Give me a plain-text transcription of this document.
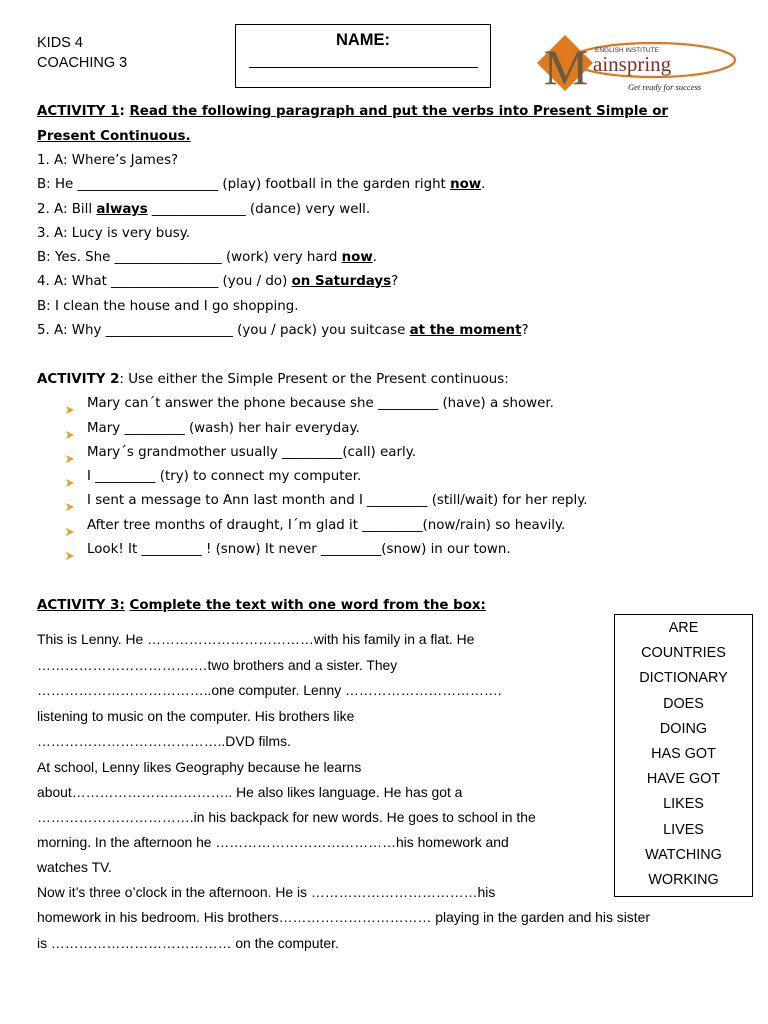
KIDS 4
COACHING 3
NAME:	M ENGLISH INSTITUTE
ainspring
Get ready for success
ACTIVITY 1: Read the following paragraph and put the verbs into Present Simple or
Present Continuous.
1. A: Where’s James?
B: He _____________________ (play) football in the garden right now.
2. A: Bill always ______________ (dance) very well.
3. A: Lucy is very busy.
B: Yes. She ________________ (work) very hard now.
4. A: What ________________ (you / do) on Saturdays?
B: I clean the house and I go shopping.
5. A: Why ___________________ (you / pack) you suitcase at the moment?
ACTIVITY 2: Use either the Simple Present or the Present continuous:
Mary can´t answer the phone because she _________ (have) a shower.
Mary _________ (wash) her hair everyday.
Mary´s grandmother usually _________(call) early.
I _________ (try) to connect my computer.
I sent a message to Ann last month and I _________ (still/wait) for her reply.
After tree months of draught, I´m glad it _________(now/rain) so heavily.
Look! It _________ ! (snow) It never _________(snow) in our town.
ACTIVITY 3: Complete the text with one word from the box:
This is Lenny. He ………………………………with his family in a flat. He
…………………………….…two brothers and a sister. They
………………………………..one computer. Lenny …………………………….
listening to music on the computer. His brothers like
…………………………………..DVD films.
At school, Lenny likes Geography because he learns
about…………………………….. He also likes language. He has got a
…………………………….in his backpack for new words. He goes to school in the
morning. In the afternoon he …………………………………his homework and
watches TV.
Now it’s three o’clock in the afternoon. He is ………………………………his
homework in his bedroom. His brothers…………………………… playing in the garden and his sister
is ………………………………… on the computer.
ARE
COUNTRIES
DICTIONARY
DOES
DOING
HAS GOT
HAVE GOT
LIKES
LIVES
WATCHING
WORKING
